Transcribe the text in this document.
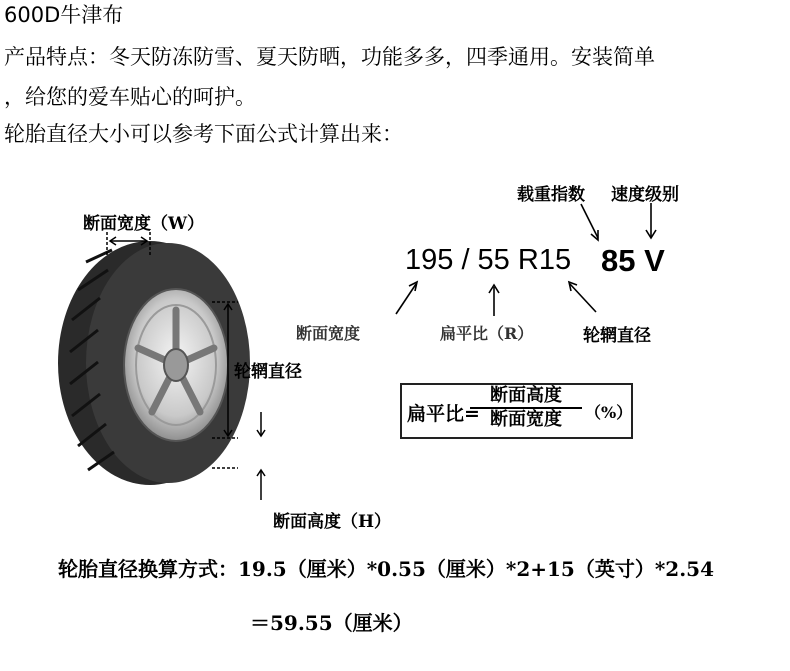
600D牛津布
产品特点：冬天防冻防雪、夏天防晒，功能多多，四季通用。安装简单
，给您的爱车贴心的呵护。
轮胎直径大小可以参考下面公式计算出来：
断面宽度（W）
轮辋直径
断面高度（H）
载重指数 速度级别
195 / 55 R15 85 V
断面宽度	扁平比（R）	轮辋直径
扁平比=
断面高度
断面宽度	（%）
轮胎直径换算方式：19.5（厘米）*0.55（厘米）*2+15（英寸）*2.54
＝59.55（厘米）
